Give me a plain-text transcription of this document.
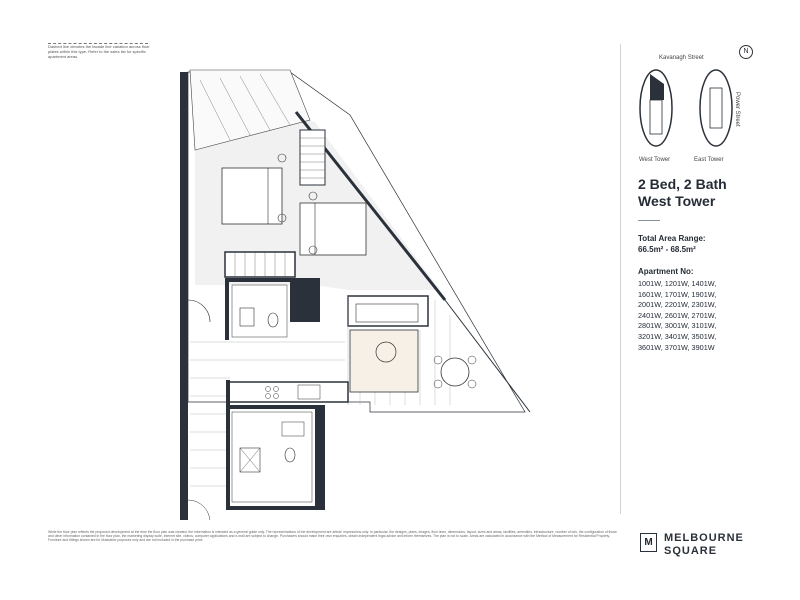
Dashed line denotes the facade line variation across floor plates within this type. Refer to the sales list for specific apartment areas.	Kavanagh Street
N
West Tower	East Tower
Power Street
2 Bed, 2 Bath
West Tower
Total Area Range:
66.5m² - 68.5m²
Apartment No:
1001W, 1201W, 1401W,
1601W, 1701W, 1901W,
2001W, 2201W, 2301W,
2401W, 2601W, 2701W,
2801W, 3001W, 3101W,
3201W, 3401W, 3501W,
3601W, 3701W, 3901W
While the floor plan reflects the proposed development at the time the floor plan was created, the information is intended as a general guide only. The representations of the development are artists' impressions only. In particular, the designs, plans, images, floor lines, dimensions, layout, sizes and areas, facilities, amenities, infrastructure, number of lots, the configuration of those and other information contained in the floor plan, the marketing display suite, internet site, videos, computer applications and e-mail are subject to change. Purchasers should make their own enquiries, obtain independent legal advice and inform themselves. The plan is not to scale. Areas are calculated in accordance with the Method of Measurement for Residential Property. Furniture and fittings shown are for illustrative purposes only and are not included in the purchase price.	M	MELBOURNE
SQUARE
